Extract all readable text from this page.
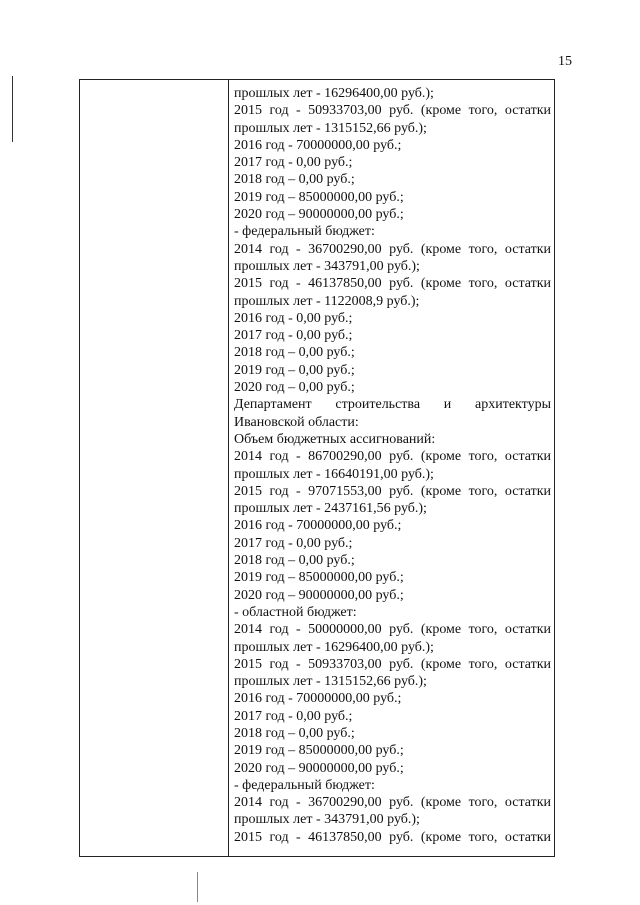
15
прошлых лет - 16296400,00 руб.);
2015 год - 50933703,00 руб. (кроме того, остатки
прошлых лет - 1315152,66 руб.);
2016 год - 70000000,00 руб.;
2017 год - 0,00 руб.;
2018 год – 0,00 руб.;
2019 год – 85000000,00 руб.;
2020 год – 90000000,00 руб.;
- федеральный бюджет:
2014 год - 36700290,00 руб. (кроме того, остатки
прошлых лет - 343791,00 руб.);
2015 год - 46137850,00 руб. (кроме того, остатки
прошлых лет - 1122008,9 руб.);
2016 год - 0,00 руб.;
2017 год - 0,00 руб.;
2018 год – 0,00 руб.;
2019 год – 0,00 руб.;
2020 год – 0,00 руб.;
Департамент строительства и архитектуры
Ивановской области:
Объем бюджетных ассигнований:
2014 год - 86700290,00 руб. (кроме того, остатки
прошлых лет - 16640191,00 руб.);
2015 год - 97071553,00 руб. (кроме того, остатки
прошлых лет - 2437161,56 руб.);
2016 год - 70000000,00 руб.;
2017 год - 0,00 руб.;
2018 год – 0,00 руб.;
2019 год – 85000000,00 руб.;
2020 год – 90000000,00 руб.;
- областной бюджет:
2014 год - 50000000,00 руб. (кроме того, остатки
прошлых лет - 16296400,00 руб.);
2015 год - 50933703,00 руб. (кроме того, остатки
прошлых лет - 1315152,66 руб.);
2016 год - 70000000,00 руб.;
2017 год - 0,00 руб.;
2018 год – 0,00 руб.;
2019 год – 85000000,00 руб.;
2020 год – 90000000,00 руб.;
- федеральный бюджет:
2014 год - 36700290,00 руб. (кроме того, остатки
прошлых лет - 343791,00 руб.);
2015 год - 46137850,00 руб. (кроме того, остатки
